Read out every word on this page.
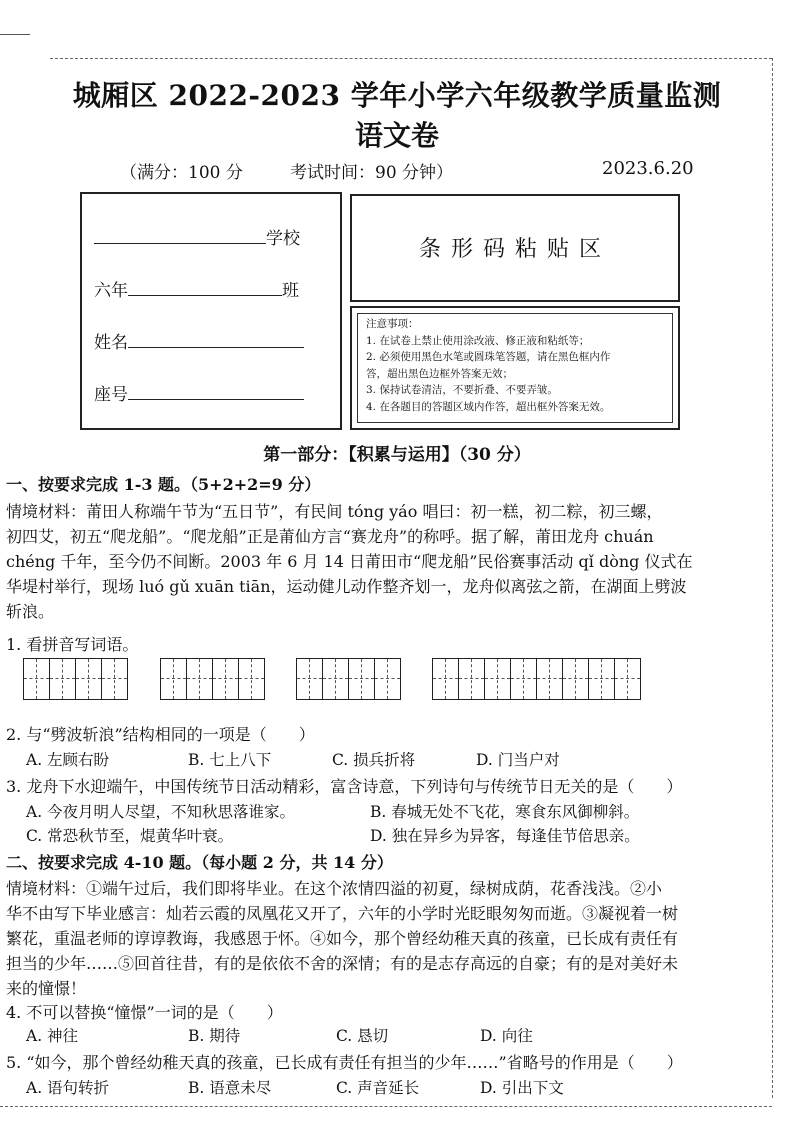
城厢区 2022-2023 学年小学六年级教学质量监测
语文卷
（满分：100 分	考试时间：90 分钟）	2023.6.20
学校
六年	班
姓名
座号
条形码粘贴区
注意事项：
1. 在试卷上禁止使用涂改液、修正液和粘纸等；
2. 必须使用黑色水笔或圆珠笔答题，请在黑色框内作
答，超出黑色边框外答案无效；
3. 保持试卷清洁，不要折叠、不要弄皱。
4. 在各题目的答题区域内作答，超出框外答案无效。
第一部分：【积累与运用】（30 分）
一、按要求完成 1-3 题。（5+2+2=9 分）
情境材料：莆田人称端午节为“五日节”，有民间 tóng yáo 唱曰：初一糕，初二粽，初三螺，
初四艾，初五“爬龙船”。“爬龙船”正是莆仙方言“赛龙舟”的称呼。据了解，莆田龙舟 chuán
chéng 千年，至今仍不间断。2003 年 6 月 14 日莆田市“爬龙船”民俗赛事活动 qǐ dòng 仪式在
华堤村举行，现场 luó gǔ xuān tiān，运动健儿动作整齐划一，龙舟似离弦之箭，在湖面上劈波
斩浪。
1. 看拼音写词语。
2. 与“劈波斩浪”结构相同的一项是（　　）
A. 左顾右盼	B. 七上八下	C. 损兵折将	D. 门当户对
3. 龙舟下水迎端午，中国传统节日活动精彩，富含诗意，下列诗句与传统节日无关的是（　　）
A. 今夜月明人尽望，不知秋思落谁家。	B. 春城无处不飞花，寒食东风御柳斜。
C. 常恐秋节至，焜黄华叶衰。	D. 独在异乡为异客，每逢佳节倍思亲。
二、按要求完成 4-10 题。（每小题 2 分，共 14 分）
情境材料：①端午过后，我们即将毕业。在这个浓情四溢的初夏，绿树成荫，花香浅浅。②小
华不由写下毕业感言：灿若云霞的凤凰花又开了，六年的小学时光眨眼匆匆而逝。③凝视着一树
繁花，重温老师的谆谆教诲，我感恩于怀。④如今，那个曾经幼稚天真的孩童，已长成有责任有
担当的少年……⑤回首往昔，有的是依依不舍的深情；有的是志存高远的自豪；有的是对美好未
来的憧憬！
4. 不可以替换“憧憬”一词的是（　　）
A. 神往	B. 期待	C. 恳切	D. 向往
5. “如今，那个曾经幼稚天真的孩童，已长成有责任有担当的少年……”省略号的作用是（　　）
A. 语句转折	B. 语意未尽	C. 声音延长	D. 引出下文
